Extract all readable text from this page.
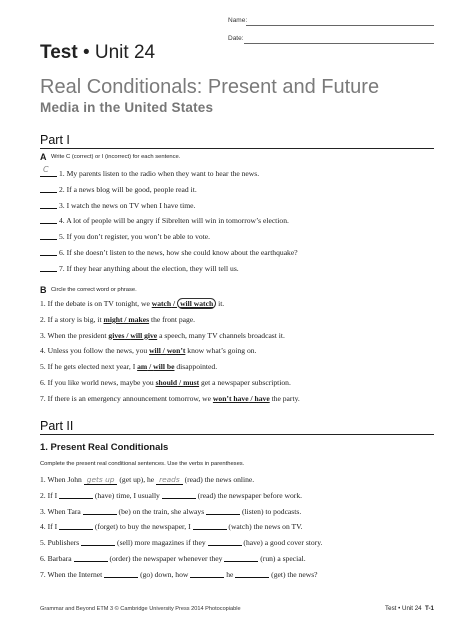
Name:
Date:
Test • Unit 24
Real Conditionals: Present and Future
Media in the United States
Part I
A Write C (correct) or I (incorrect) for each sentence.
C 1. My parents listen to the radio when they want to hear the news.
2. If a news blog will be good, people read it.
3. I watch the news on TV when I have time.
4. A lot of people will be angry if Sibrelten will win in tomorrow’s election.
5. If you don’t register, you won’t be able to vote.
6. If she doesn’t listen to the news, how she could know about the earthquake?
7. If they hear anything about the election, they will tell us.
B Circle the correct word or phrase.
1. If the debate is on TV tonight, we watch / will watch it.
2. If a story is big, it might / makes the front page.
3. When the president gives / will give a speech, many TV channels broadcast it.
4. Unless you follow the news, you will / won’t know what’s going on.
5. If he gets elected next year, I am / will be disappointed.
6. If you like world news, maybe you should / must get a newspaper subscription.
7. If there is an emergency announcement tomorrow, we won’t have / have the party.
Part II
1. Present Real Conditionals
Complete the present real conditional sentences. Use the verbs in parentheses.
1. When John gets up (get up), he reads (read) the news online.
2. If I	(have) time, I usually	(read) the newspaper before work.
3. When Tara	(be) on the train, she always	(listen) to podcasts.
4. If I	(forget) to buy the newspaper, I	(watch) the news on TV.
5. Publishers	(sell) more magazines if they	(have) a good cover story.
6. Barbara	(order) the newspaper whenever they	(run) a special.
7. When the Internet	(go) down, how	he	(get) the news?
Grammar and Beyond ETM 3 © Cambridge University Press 2014 Photocopiable	Test • Unit 24 T-1
